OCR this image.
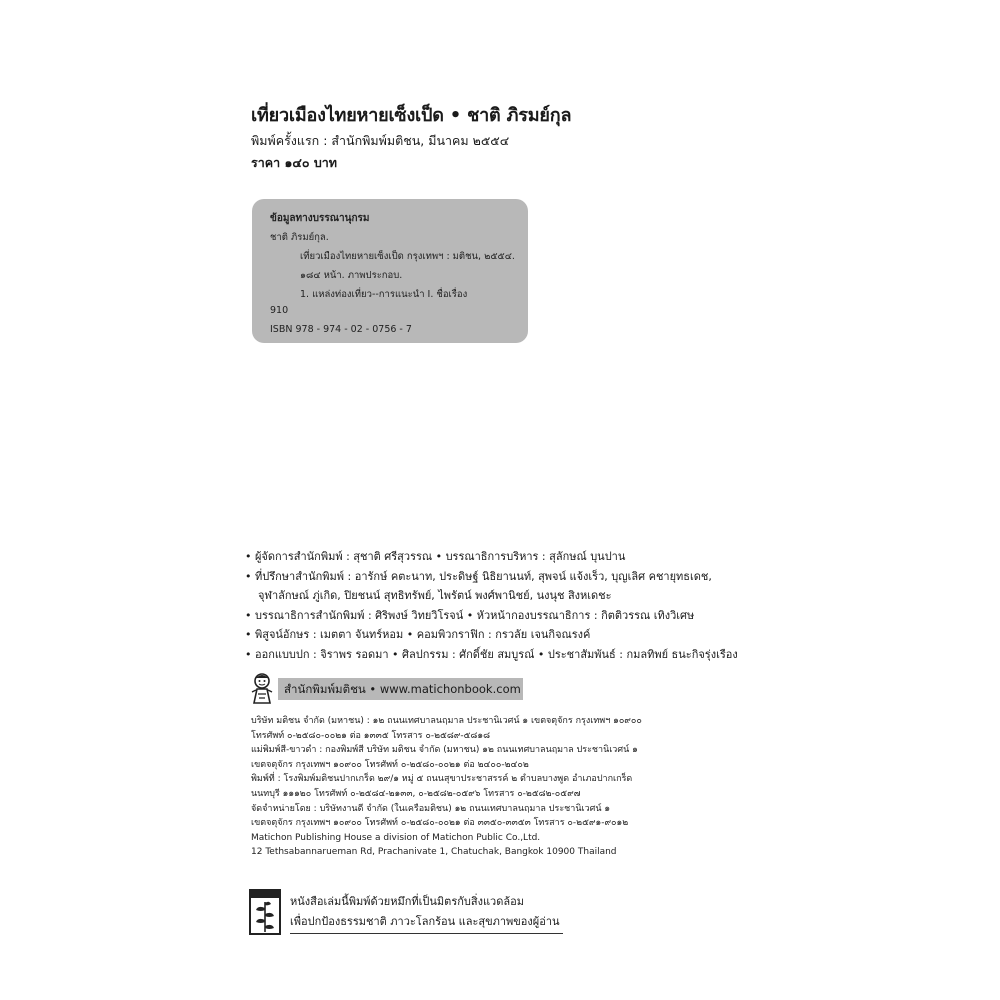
เที่ยวเมืองไทยหายเซ็งเป็ด • ชาติ ภิรมย์กุล
พิมพ์ครั้งแรก : สำนักพิมพ์มติชน, มีนาคม ๒๕๕๔
ราคา ๑๔๐ บาท
ข้อมูลทางบรรณานุกรม
ชาติ ภิรมย์กุล.
เที่ยวเมืองไทยหายเซ็งเป็ด กรุงเทพฯ : มติชน, ๒๕๕๔.
๑๘๔ หน้า. ภาพประกอบ.
1. แหล่งท่องเที่ยว--การแนะนำ I. ชื่อเรื่อง
910
ISBN 978 - 974 - 02 - 0756 - 7
• ผู้จัดการสำนักพิมพ์ : สุชาติ ศรีสุวรรณ • บรรณาธิการบริหาร : สุลักษณ์ บุนปาน
• ที่ปรึกษาสำนักพิมพ์ : อารักษ์ คตะนาท, ประดิษฐ์ นิธิยานนท์, สุพจน์ แจ้งเร็ว, บุญเลิศ คชายุทธเดช,
จุฬาลักษณ์ ภู่เกิด, ปิยชนน์ สุทธิทรัพย์, ไพรัตน์ พงศ์พานิชย์, นงนุช สิงหเดชะ
• บรรณาธิการสำนักพิมพ์ : ศิริพงษ์ วิทยวิโรจน์ • หัวหน้ากองบรรณาธิการ : กิตติวรรณ เทิงวิเศษ
• พิสูจน์อักษร : เมตตา จันทร์หอม • คอมพิวกราฟิก : กรวลัย เจนกิจณรงค์
• ออกแบบปก : จิราพร รอดมา • ศิลปกรรม : ศักดิ์ชัย สมบูรณ์ • ประชาสัมพันธ์ : กมลทิพย์ ธนะกิจรุ่งเรือง
สำนักพิมพ์มติชน • www.matichonbook.com
บริษัท มติชน จำกัด (มหาชน) : ๑๒ ถนนเทศบาลนฤมาล ประชานิเวศน์ ๑ เขตจตุจักร กรุงเทพฯ ๑๐๙๐๐
โทรศัพท์ ๐-๒๕๘๐-๐๐๒๑ ต่อ ๑๓๓๕ โทรสาร ๐-๒๕๘๙-๕๘๑๘
แม่พิมพ์สี-ขาวดำ : กองพิมพ์สี บริษัท มติชน จำกัด (มหาชน) ๑๒ ถนนเทศบาลนฤมาล ประชานิเวศน์ ๑
เขตจตุจักร กรุงเทพฯ ๑๐๙๐๐ โทรศัพท์ ๐-๒๕๘๐-๐๐๒๑ ต่อ ๒๔๐๐-๒๔๐๒
พิมพ์ที่ : โรงพิมพ์มติชนปากเกร็ด ๒๙/๑ หมู่ ๕ ถนนสุขาประชาสรรค์ ๒ ตำบลบางพูด อำเภอปากเกร็ด
นนทบุรี ๑๑๑๒๐ โทรศัพท์ ๐-๒๕๘๔-๒๑๓๓, ๐-๒๕๘๒-๐๕๙๖ โทรสาร ๐-๒๕๘๒-๐๕๙๗
จัดจำหน่ายโดย : บริษัทงานดี จำกัด (ในเครือมติชน) ๑๒ ถนนเทศบาลนฤมาล ประชานิเวศน์ ๑
เขตจตุจักร กรุงเทพฯ ๑๐๙๐๐ โทรศัพท์ ๐-๒๕๘๐-๐๐๒๑ ต่อ ๓๓๕๐-๓๓๕๓ โทรสาร ๐-๒๕๙๑-๙๐๑๒
Matichon Publishing House a division of Matichon Public Co.,Ltd.
12 Tethsabannarueman Rd, Prachanivate 1, Chatuchak, Bangkok 10900 Thailand
หนังสือเล่มนี้พิมพ์ด้วยหมึกที่เป็นมิตรกับสิ่งแวดล้อม
เพื่อปกป้องธรรมชาติ ภาวะโลกร้อน และสุขภาพของผู้อ่าน
